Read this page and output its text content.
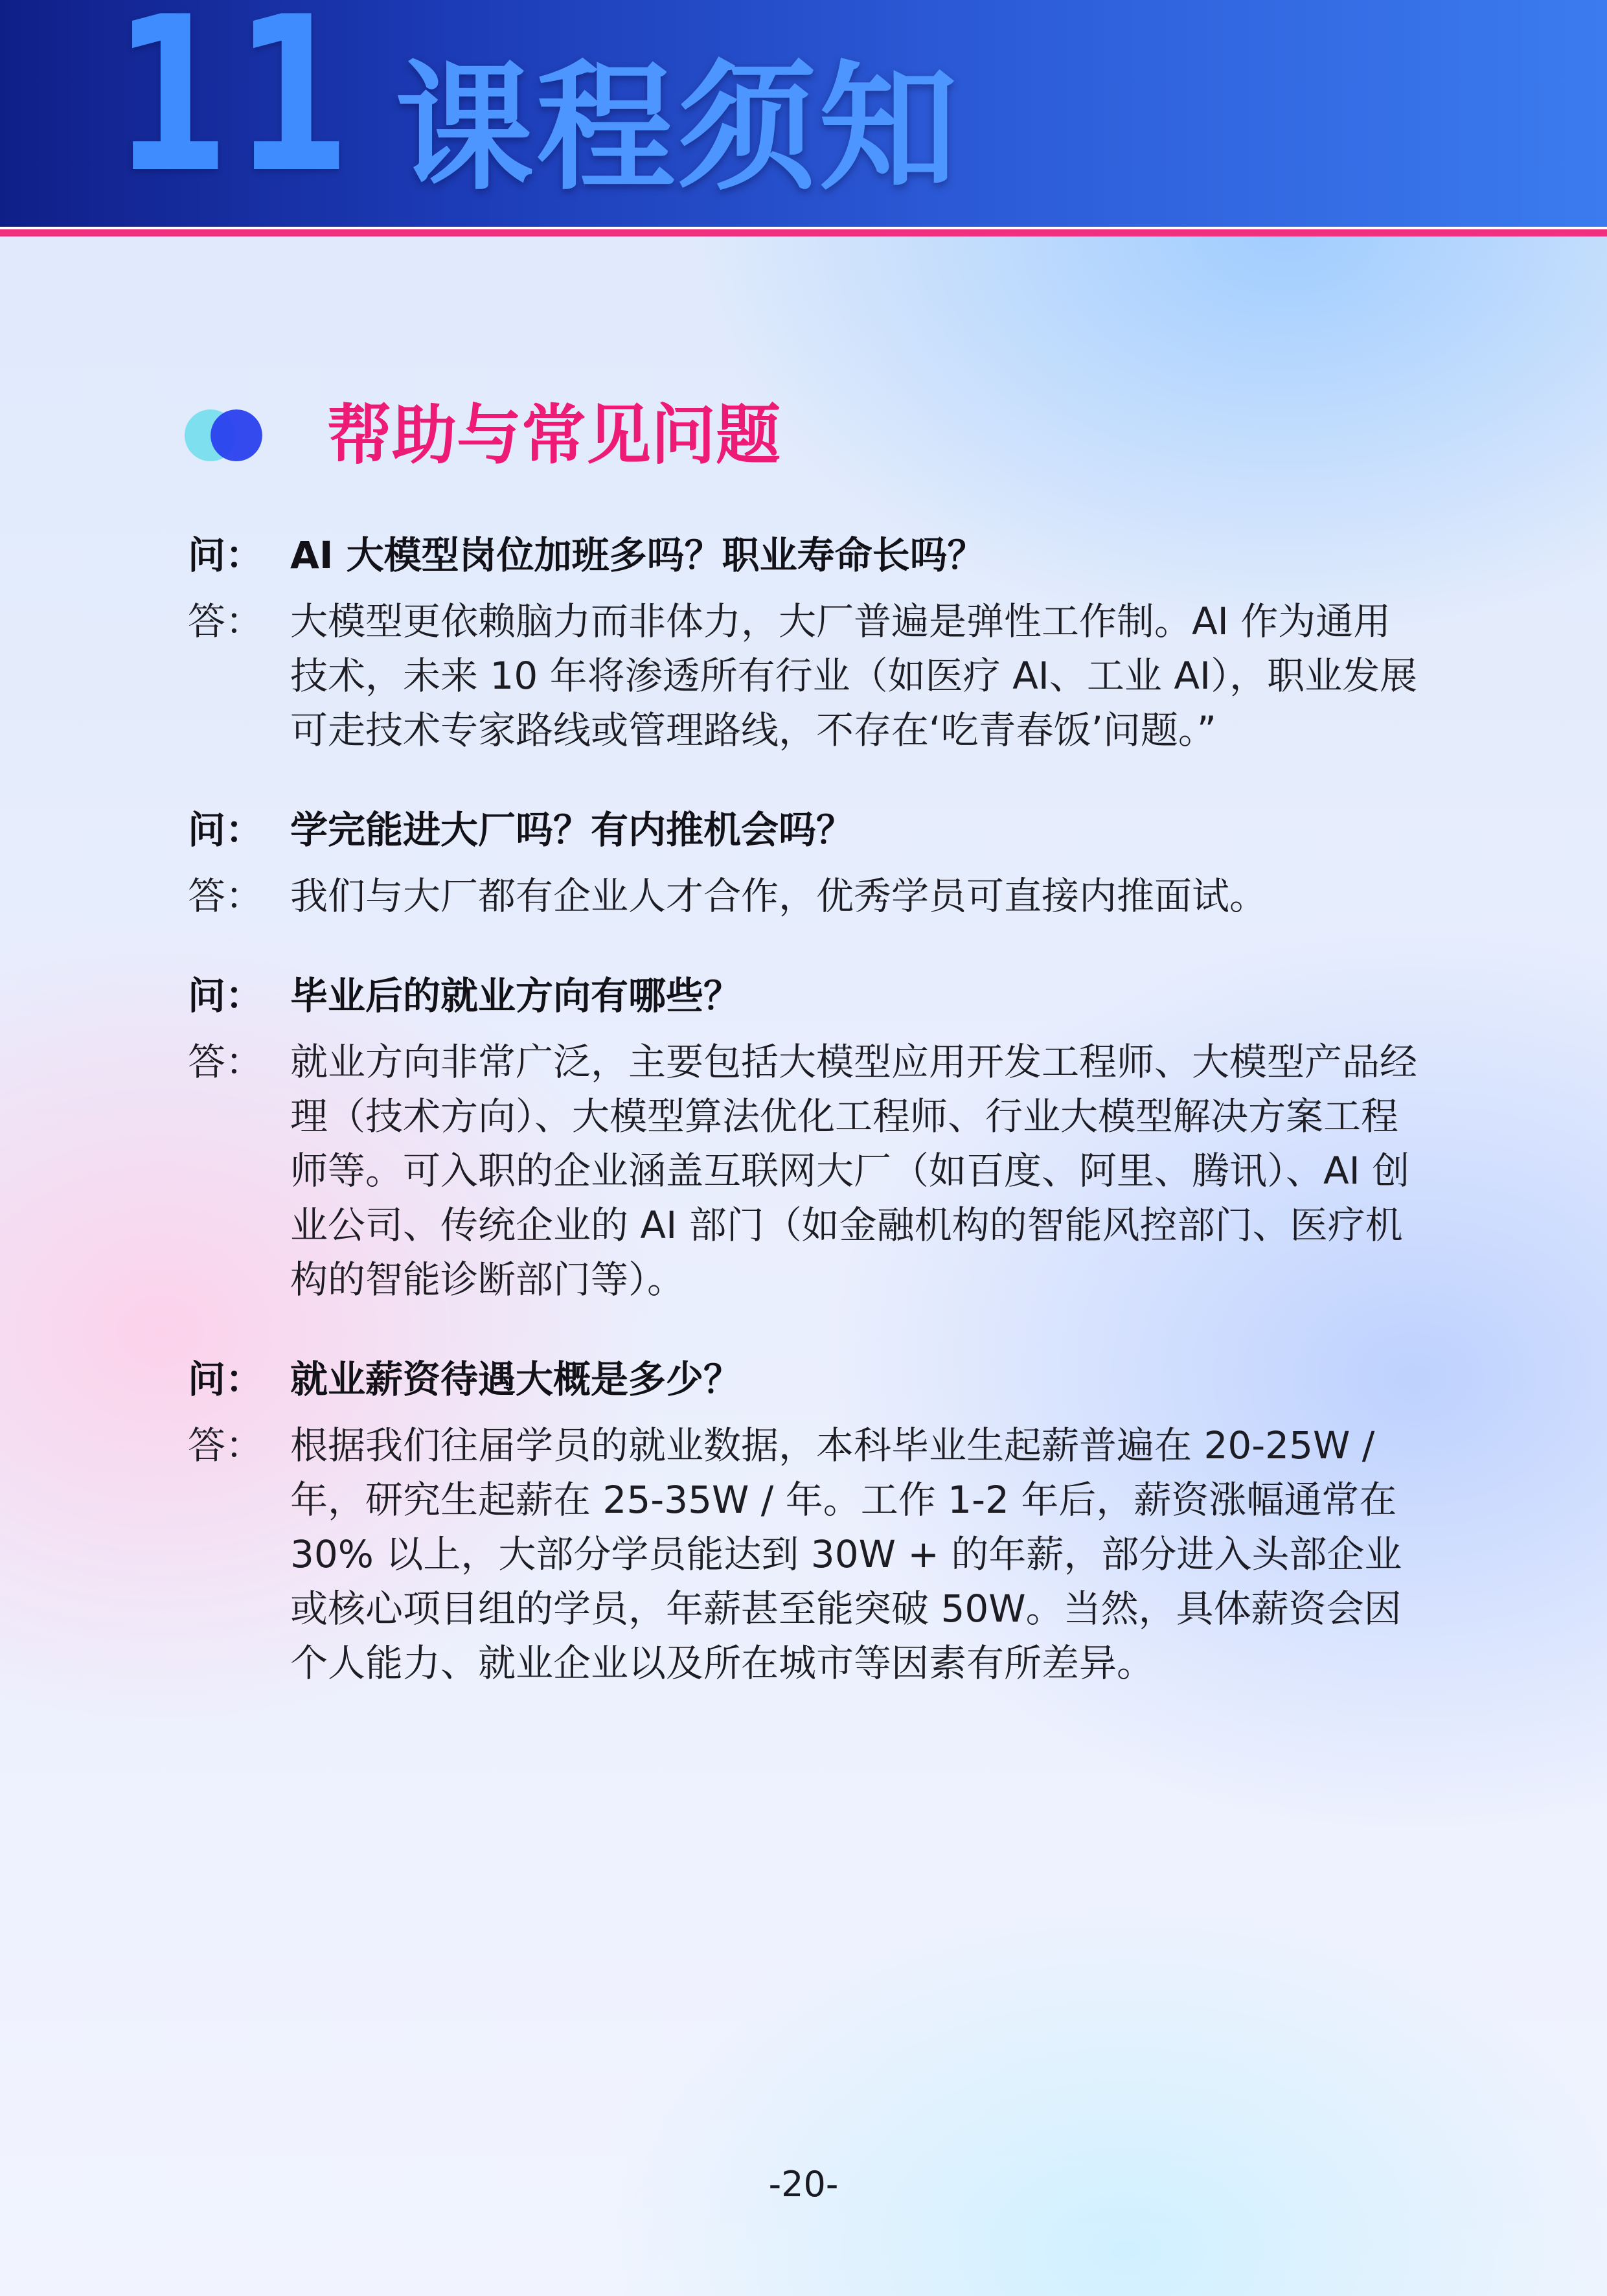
11 课程须知
帮助与常见问题
问： AI 大模型岗位加班多吗？职业寿命长吗？
答： 大模型更依赖脑力而非体力，大厂普遍是弹性工作制。AI 作为通用技术，未来 10 年将渗透所有行业（如医疗 AI、工业 AI），职业发展可走技术专家路线或管理路线，不存在‘吃青春饭’问题。”
问： 学完能进大厂吗？有内推机会吗？
答： 我们与大厂都有企业人才合作，优秀学员可直接内推面试。
问： 毕业后的就业方向有哪些？
答： 就业方向非常广泛，主要包括大模型应用开发工程师、大模型产品经理（技术方向）、大模型算法优化工程师、行业大模型解决方案工程师等。可入职的企业涵盖互联网大厂（如百度、阿里、腾讯）、AI 创业公司、传统企业的 AI 部门（如金融机构的智能风控部门、医疗机构的智能诊断部门等）。
问： 就业薪资待遇大概是多少？
答： 根据我们往届学员的就业数据，本科毕业生起薪普遍在 20-25W / 年，研究生起薪在 25-35W / 年。工作 1-2 年后，薪资涨幅通常在 30% 以上，大部分学员能达到 30W + 的年薪，部分进入头部企业或核心项目组的学员，年薪甚至能突破 50W。当然，具体薪资会因个人能力、就业企业以及所在城市等因素有所差异。
-20-
